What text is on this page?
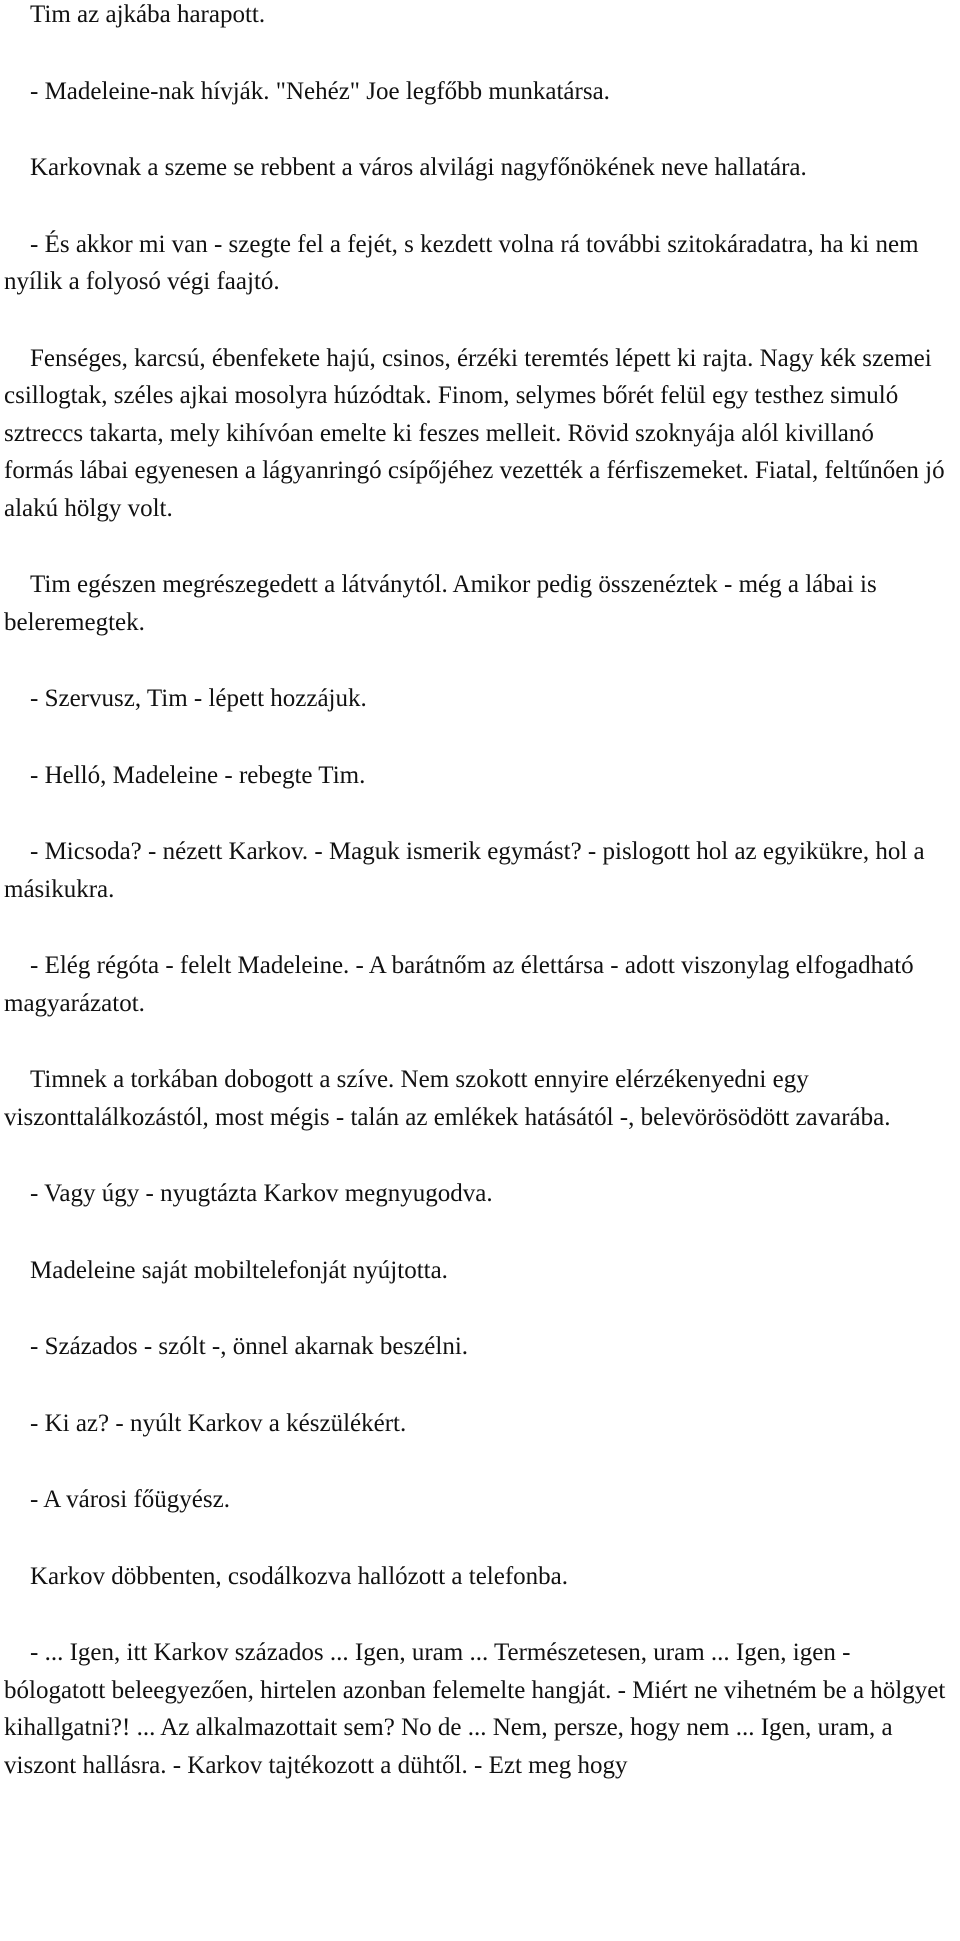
Tim az ajkába harapott.

- Madeleine-nak hívják. "Nehéz" Joe legfőbb munkatársa.

Karkovnak a szeme se rebbent a város alvilági nagyfőnökének neve hallatára.

- És akkor mi van - szegte fel a fejét, s kezdett volna rá további szitokáradatra, ha ki nem nyílik a folyosó végi faajtó.

Fenséges, karcsú, ébenfekete hajú, csinos, érzéki teremtés lépett ki rajta. Nagy kék szemei csillogtak, széles ajkai mosolyra húzódtak. Finom, selymes bőrét felül egy testhez simuló sztreccs takarta, mely kihívóan emelte ki feszes melleit. Rövid szoknyája alól kivillanó formás lábai egyenesen a lágyanringó csípőjéhez vezették a férfiszemeket. Fiatal, feltűnően jó alakú hölgy volt.

Tim egészen megrészegedett a látványtól. Amikor pedig összenéztek - még a lábai is beleremegtek.

- Szervusz, Tim - lépett hozzájuk.

- Helló, Madeleine - rebegte Tim.

- Micsoda? - nézett Karkov. - Maguk ismerik egymást? - pislogott hol az egyikükre, hol a másikukra.

- Elég régóta - felelt Madeleine. - A barátnőm az élettársa - adott viszonylag elfogadható magyarázatot.

Timnek a torkában dobogott a szíve. Nem szokott ennyire elérzékenyedni egy viszonttalálkozástól, most mégis - talán az emlékek hatásától -, belevörösödött zavarába.

- Vagy úgy - nyugtázta Karkov megnyugodva.

Madeleine saját mobiltelefonját nyújtotta.

- Százados - szólt -, önnel akarnak beszélni.

- Ki az? - nyúlt Karkov a készülékért.

- A városi főügyész.

Karkov döbbenten, csodálkozva hallózott a telefonba.

- ... Igen, itt Karkov százados ... Igen, uram ... Természetesen, uram ... Igen, igen - bólogatott beleegyezően, hirtelen azonban felemelte hangját. - Miért ne vihetném be a hölgyet kihallgatni?! ... Az alkalmazottait sem? No de ... Nem, persze, hogy nem ... Igen, uram, a viszont hallásra. - Karkov tajtékozott a dühtől. - Ezt meg hogy
